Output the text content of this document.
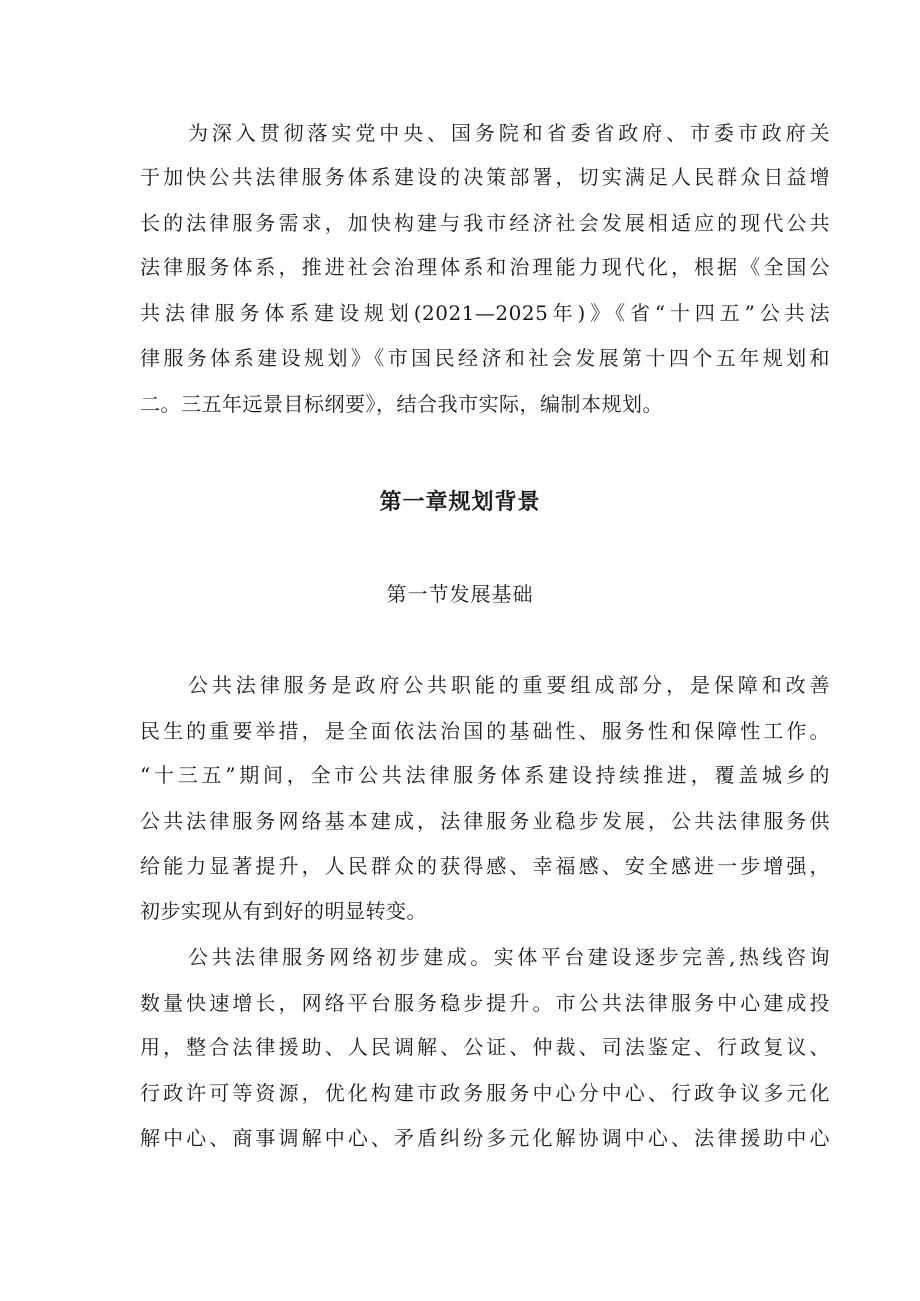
为深入贯彻落实党中央、国务院和省委省政府、市委市政府关
于加快公共法律服务体系建设的决策部署，切实满足人民群众日益增
长的法律服务需求，加快构建与我市经济社会发展相适应的现代公共
法律服务体系，推进社会治理体系和治理能力现代化，根据《全国公
共法律服务体系建设规划(2021—2025年)》《省“十四五”公共法
律服务体系建设规划》《市国民经济和社会发展第十四个五年规划和
二。三五年远景目标纲要》，结合我市实际，编制本规划。
第一章规划背景
第一节发展基础
公共法律服务是政府公共职能的重要组成部分，是保障和改善
民生的重要举措，是全面依法治国的基础性、服务性和保障性工作。
“十三五”期间，全市公共法律服务体系建设持续推进，覆盖城乡的
公共法律服务网络基本建成，法律服务业稳步发展，公共法律服务供
给能力显著提升，人民群众的获得感、幸福感、安全感进一步增强，
初步实现从有到好的明显转变。
公共法律服务网络初步建成。实体平台建设逐步完善,热线咨询
数量快速增长，网络平台服务稳步提升。市公共法律服务中心建成投
用，整合法律援助、人民调解、公证、仲裁、司法鉴定、行政复议、
行政许可等资源，优化构建市政务服务中心分中心、行政争议多元化
解中心、商事调解中心、矛盾纠纷多元化解协调中心、法律援助中心
